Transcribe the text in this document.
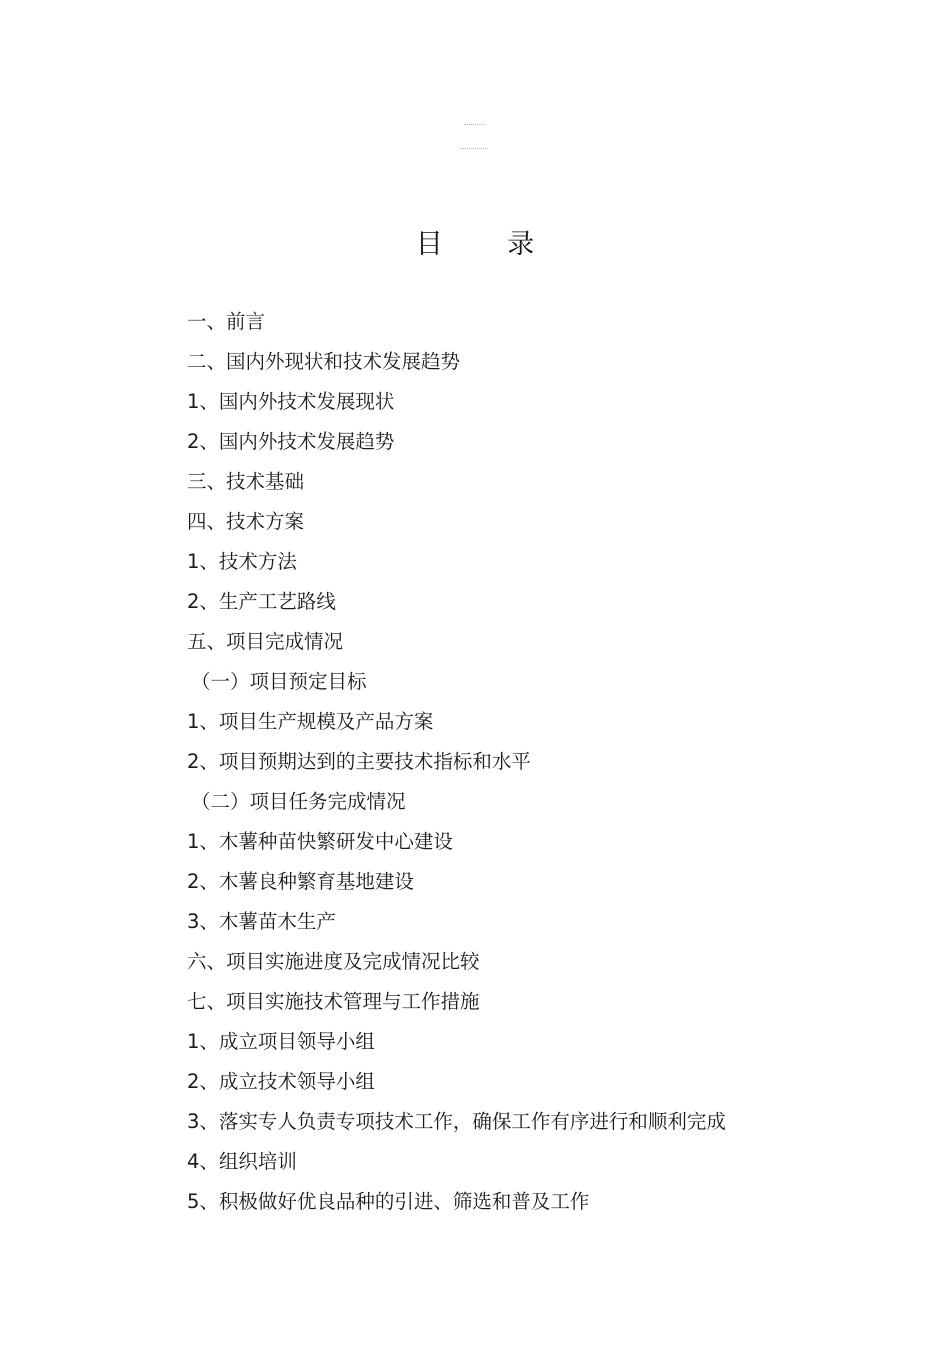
目 录
一、前言
二、国内外现状和技术发展趋势
1、国内外技术发展现状
2、国内外技术发展趋势
三、技术基础
四、技术方案
1、技术方法
2、生产工艺路线
五、项目完成情况
（一）项目预定目标
1、项目生产规模及产品方案
2、项目预期达到的主要技术指标和水平
（二）项目任务完成情况
1、木薯种苗快繁研发中心建设
2、木薯良种繁育基地建设
3、木薯苗木生产
六、项目实施进度及完成情况比较
七、项目实施技术管理与工作措施
1、成立项目领导小组
2、成立技术领导小组
3、落实专人负责专项技术工作，确保工作有序进行和顺利完成
4、组织培训
5、积极做好优良品种的引进、筛选和普及工作
